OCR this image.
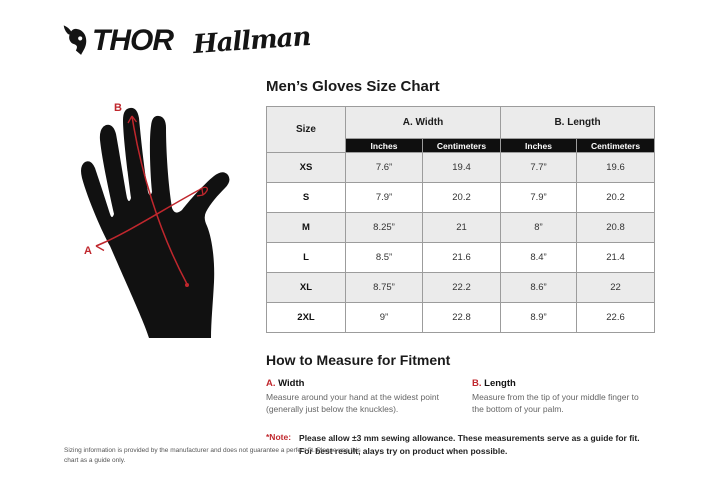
THOR Hallman
B
A
Men’s Gloves Size Chart
Size	A. Width		B. Length	
	Inches	Centimeters	Inches	Centimeters
XS	7.6”	19.4	7.7”	19.6
S	7.9”	20.2	7.9”	20.2
M	8.25”	21	8”	20.8
L	8.5”	21.6	8.4”	21.4
XL	8.75”	22.2	8.6”	22
2XL	9”	22.8	8.9”	22.6
How to Measure for Fitment
A. Width
Measure around your hand at the widest point (generally just below the knuckles).
B. Length
Measure from the tip of your middle finger to the bottom of your palm.
*Note: Please allow ±3 mm sewing allowance. These measurements serve as a guide for fit. For best result, alays try on product when possible.
Sizing information is provided by the manufacturer and does not guarantee a perfect fit. Please use this chart as a guide only.
